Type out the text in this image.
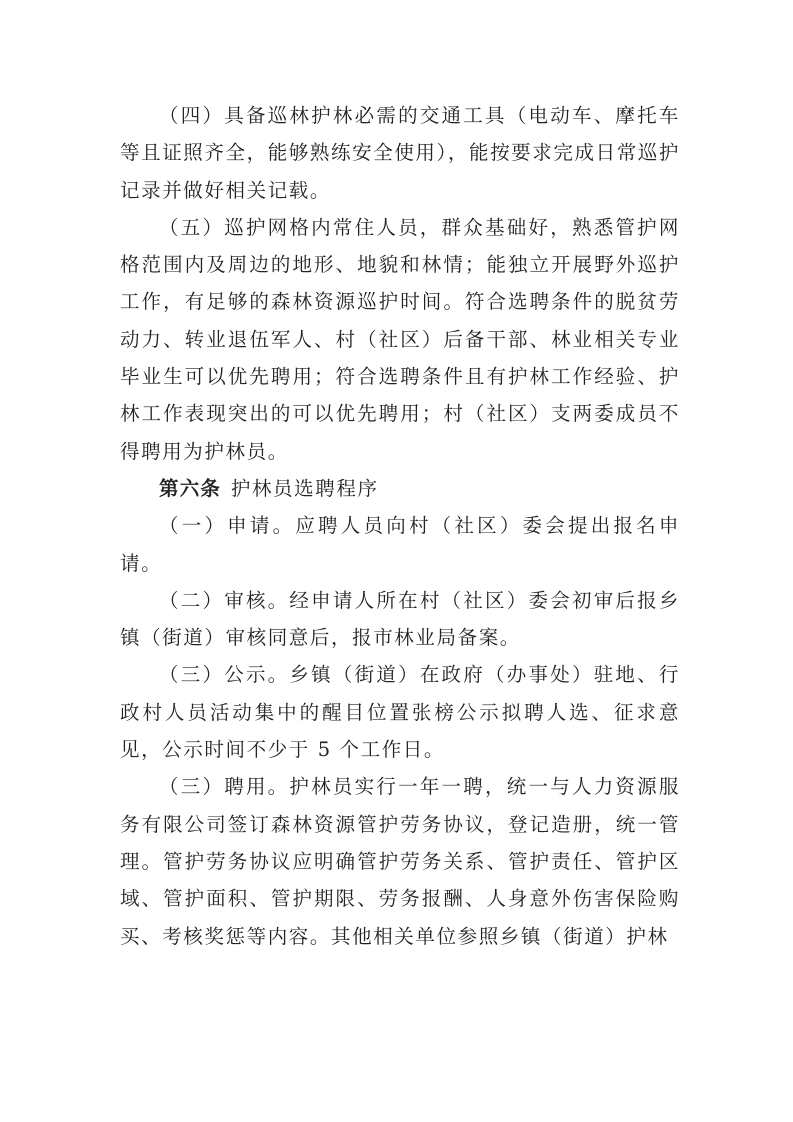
（四）具备巡林护林必需的交通工具（电动车、摩托车等且证照齐全，能够熟练安全使用），能按要求完成日常巡护记录并做好相关记载。

（五）巡护网格内常住人员，群众基础好，熟悉管护网格范围内及周边的地形、地貌和林情；能独立开展野外巡护工作，有足够的森林资源巡护时间。符合选聘条件的脱贫劳动力、转业退伍军人、村（社区）后备干部、林业相关专业毕业生可以优先聘用；符合选聘条件且有护林工作经验、护林工作表现突出的可以优先聘用；村（社区）支两委成员不得聘用为护林员。

第六条 护林员选聘程序

（一）申请。应聘人员向村（社区）委会提出报名申请。

（二）审核。经申请人所在村（社区）委会初审后报乡镇（街道）审核同意后，报市林业局备案。

（三）公示。乡镇（街道）在政府（办事处）驻地、行政村人员活动集中的醒目位置张榜公示拟聘人选、征求意见，公示时间不少于 5 个工作日。

（三）聘用。护林员实行一年一聘，统一与人力资源服务有限公司签订森林资源管护劳务协议，登记造册，统一管理。管护劳务协议应明确管护劳务关系、管护责任、管护区域、管护面积、管护期限、劳务报酬、人身意外伤害保险购买、考核奖惩等内容。其他相关单位参照乡镇（街道）护林
